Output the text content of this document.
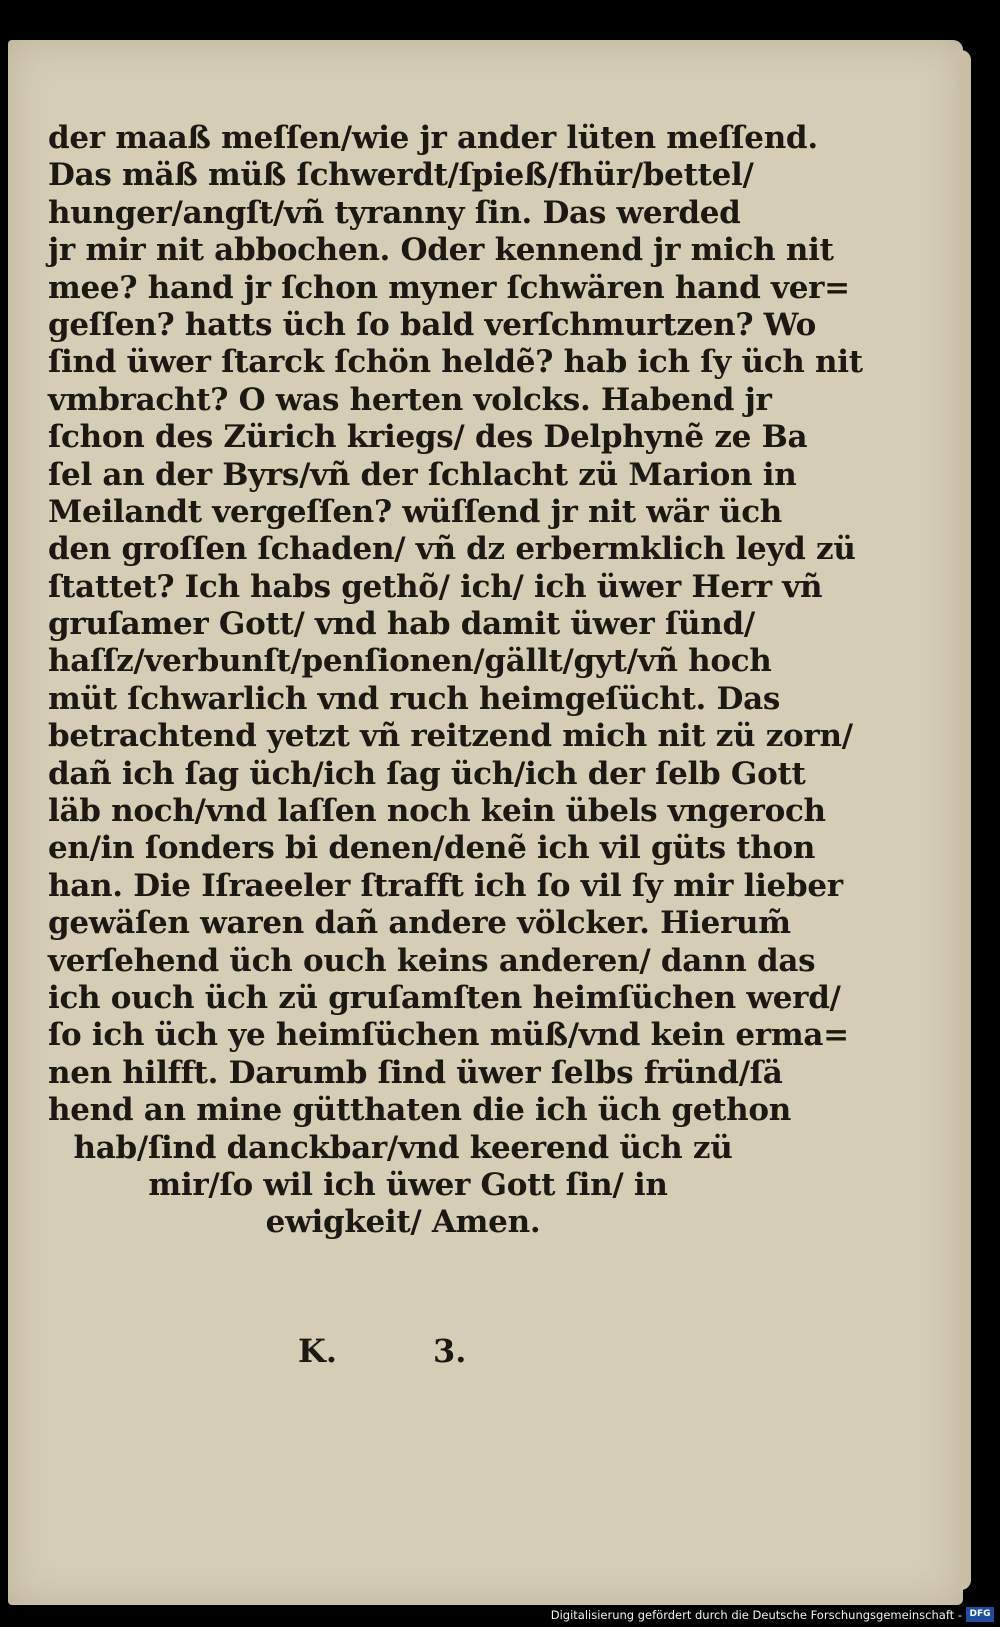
der maaß meſſen/wie jr ander lüten meſſend.
Das mäß müß ſchwerdt/ſpieß/fhür/bettel/
hunger/angſt/vñ tyranny ſin. Das werded
jr mir nit abbochen. Oder kennend jr mich nit
mee? hand jr ſchon myner ſchwären hand ver=
geſſen? hatts üch ſo bald verſchmurtzen? Wo
ſind üwer ſtarck ſchön heldẽ? hab ich ſy üch nit
vmbracht? O was herten volcks. Habend jr
ſchon des Zürich kriegs/ des Delphynẽ ze Ba
ſel an der Byrs/vñ der ſchlacht zü Marion in
Meilandt vergeſſen? wüſſend jr nit wär üch
den groſſen ſchaden/ vñ dz erbermklich leyd zü
ſtattet? Ich habs gethõ/ ich/ ich üwer Herr vñ
gruſamer Gott/ vnd hab damit üwer ſünd/
haſſz/verbunſt/penſionen/gällt/gyt/vñ hoch
müt ſchwarlich vnd ruch heimgeſücht. Das
betrachtend yetzt vñ reitzend mich nit zü zorn/
dañ ich ſag üch/ich ſag üch/ich der ſelb Gott
läb noch/vnd laſſen noch kein übels vngeroch
en/in ſonders bi denen/denẽ ich vil güts thon
han. Die Iſraeeler ſtrafft ich ſo vil ſy mir lieber
gewäſen waren dañ andere völcker. Hierum̃
verſehend üch ouch keins anderen/ dann das
ich ouch üch zü gruſamſten heimſüchen werd/
ſo ich üch ye heimſüchen müß/vnd kein erma=
nen hilfft. Darumb ſind üwer ſelbs fründ/ſä
hend an mine gütthaten die ich üch gethon
hab/ſind danckbar/vnd keerend üch zü
mir/ſo wil ich üwer Gott ſin/ in
ewigkeit/ Amen.
K.	3.
Digitalisierung gefördert durch die Deutsche Forschungsgemeinschaft - DFG
